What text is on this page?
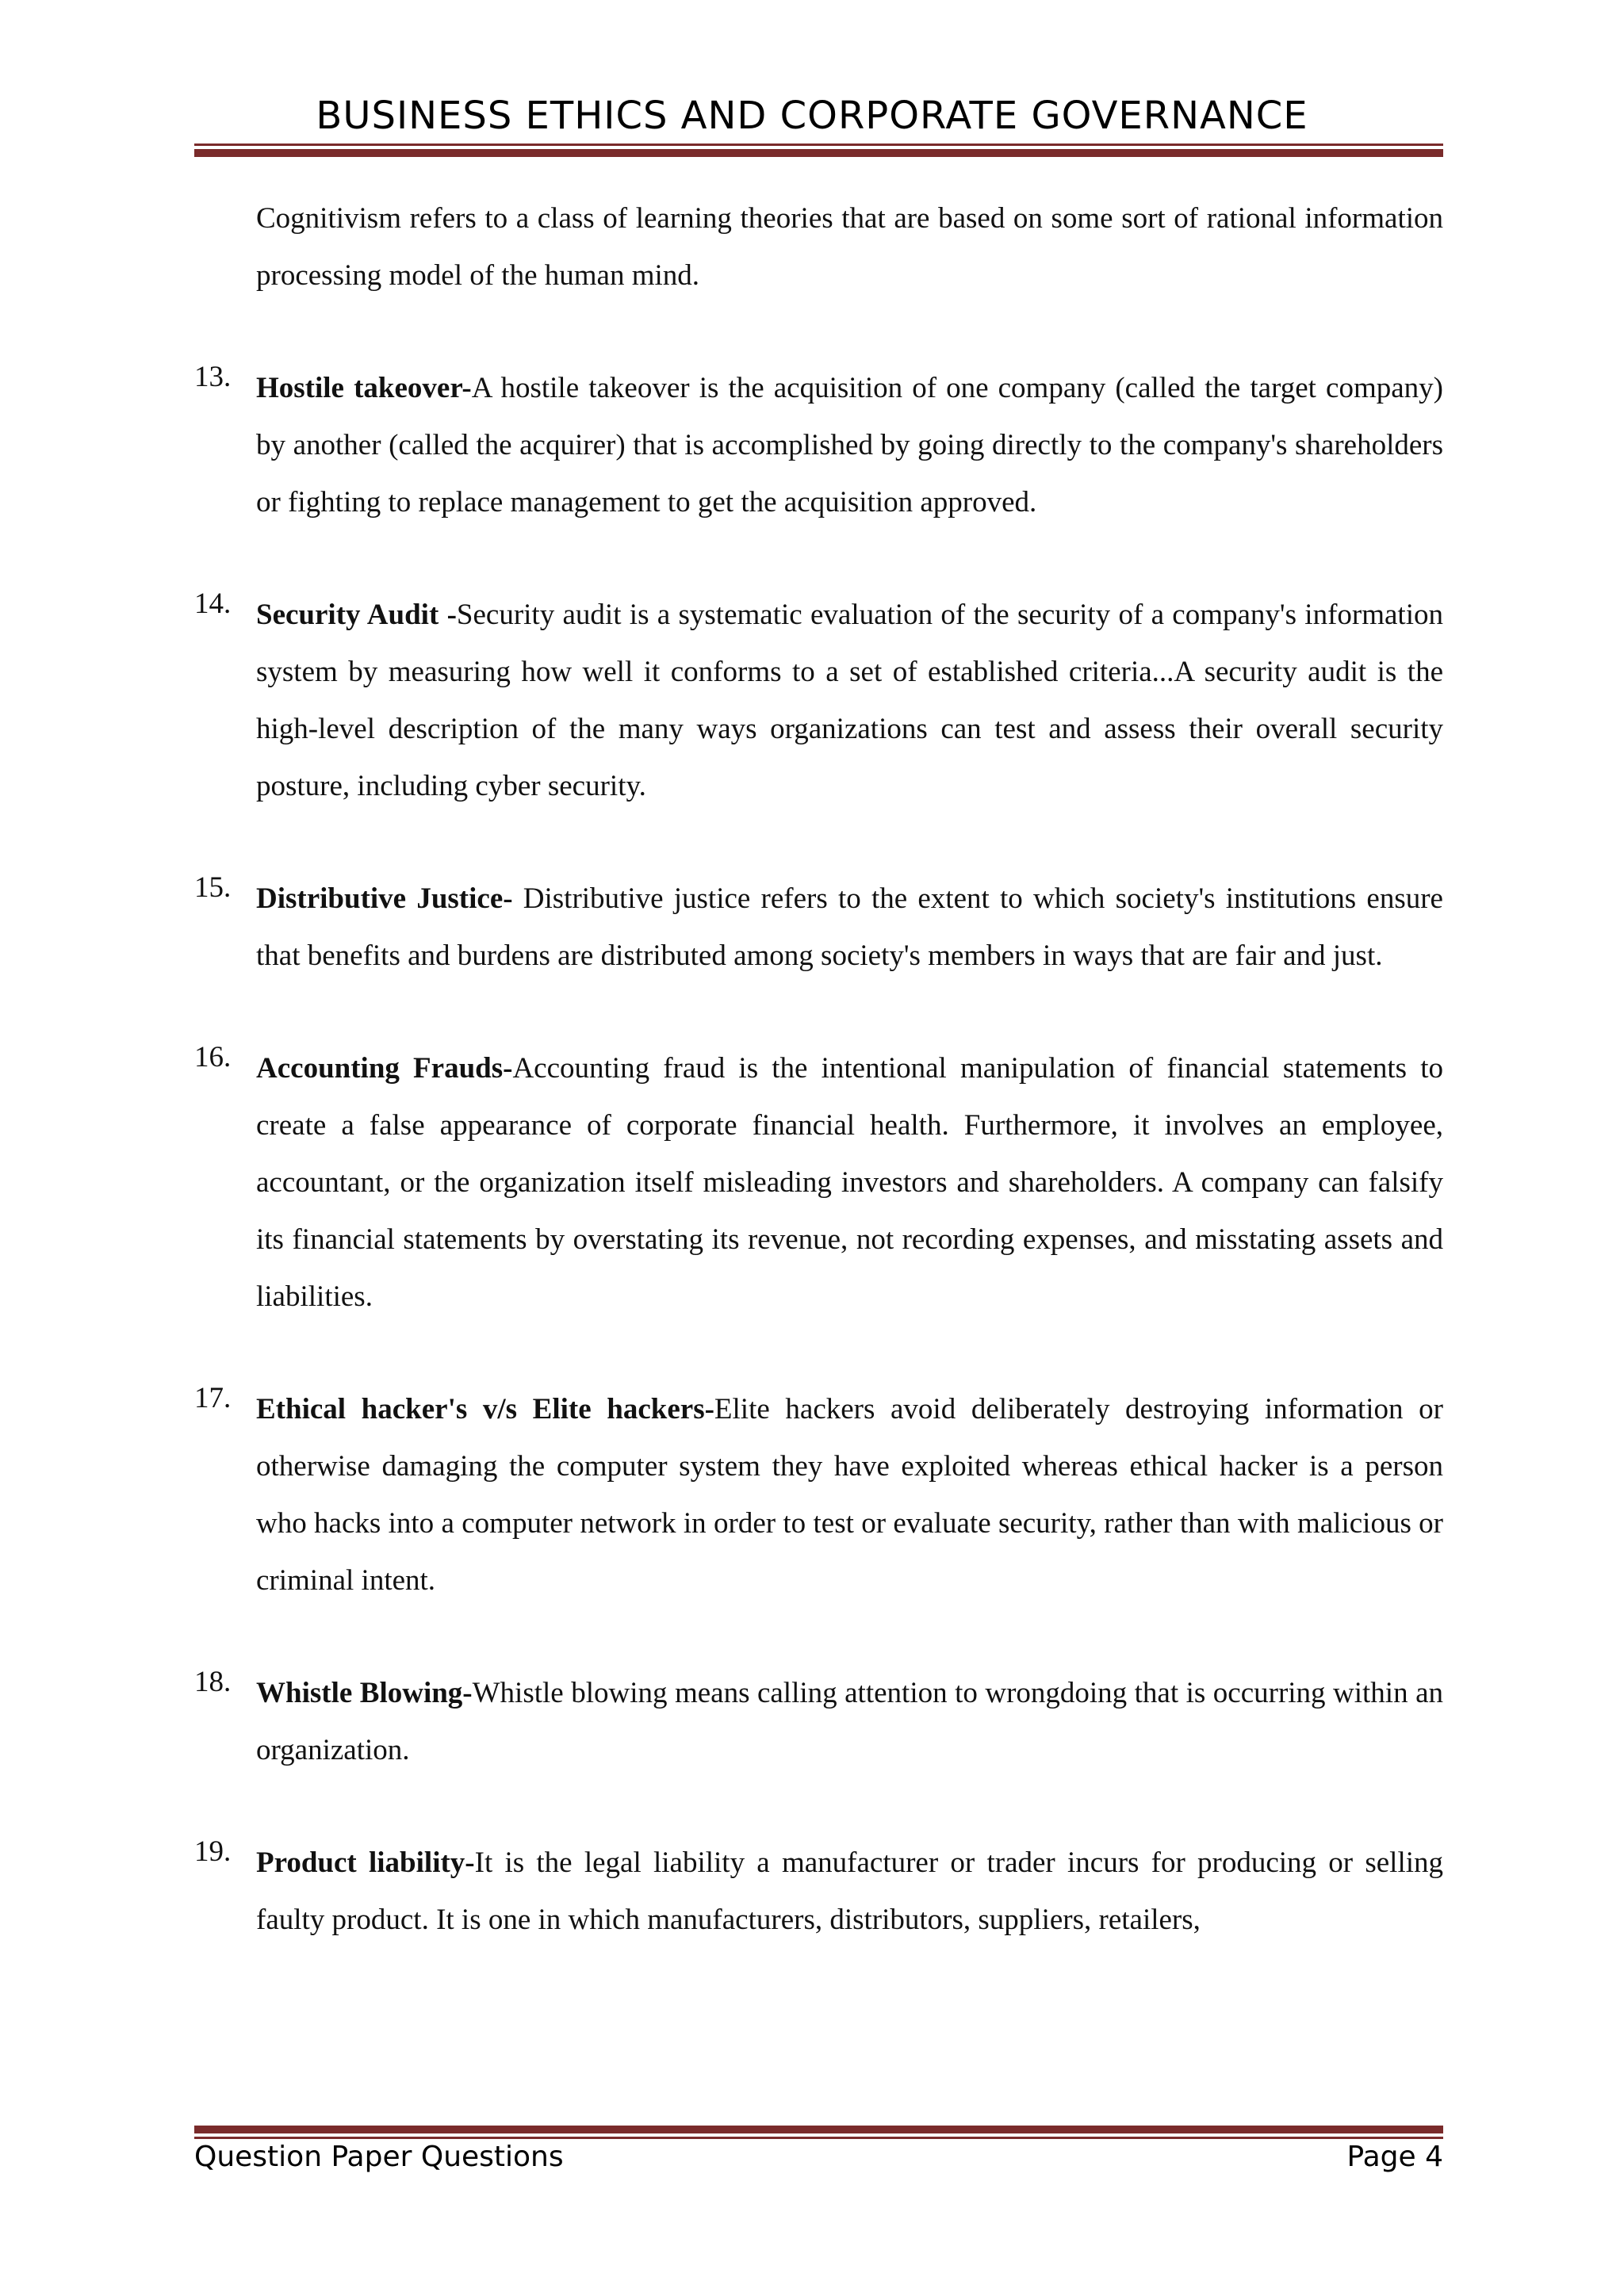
BUSINESS ETHICS AND CORPORATE GOVERNANCE
Cognitivism refers to a class of learning theories that are based on some sort of rational information processing model of the human mind.
13. Hostile takeover-A hostile takeover is the acquisition of one company (called the target company) by another (called the acquirer) that is accomplished by going directly to the company's shareholders or fighting to replace management to get the acquisition approved.
14. Security Audit -Security audit is a systematic evaluation of the security of a company's information system by measuring how well it conforms to a set of established criteria...A security audit is the high-level description of the many ways organizations can test and assess their overall security posture, including cyber security.
15. Distributive Justice- Distributive justice refers to the extent to which society's institutions ensure that benefits and burdens are distributed among society's members in ways that are fair and just.
16. Accounting Frauds-Accounting fraud is the intentional manipulation of financial statements to create a false appearance of corporate financial health. Furthermore, it involves an employee, accountant, or the organization itself misleading investors and shareholders. A company can falsify its financial statements by overstating its revenue, not recording expenses, and misstating assets and liabilities.
17. Ethical hacker's v/s Elite hackers-Elite hackers avoid deliberately destroying information or otherwise damaging the computer system they have exploited whereas ethical hacker is a person who hacks into a computer network in order to test or evaluate security, rather than with malicious or criminal intent.
18. Whistle Blowing-Whistle blowing means calling attention to wrongdoing that is occurring within an organization.
19. Product liability-It is the legal liability a manufacturer or trader incurs for producing or selling faulty product. It is one in which manufacturers, distributors, suppliers, retailers,
Question Paper Questions	Page 4
